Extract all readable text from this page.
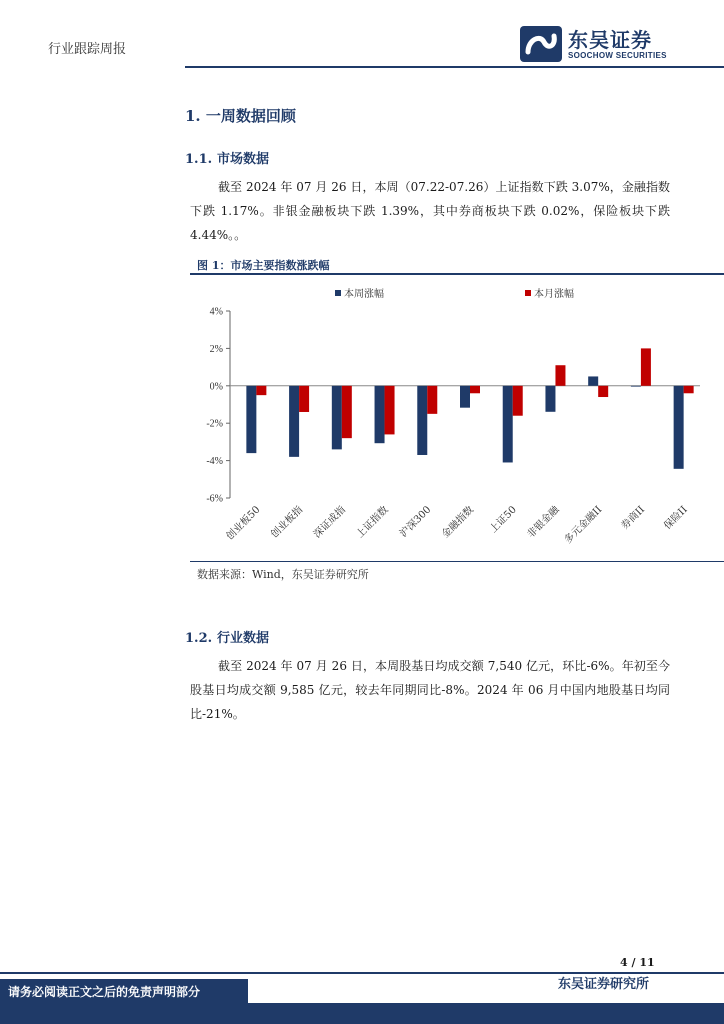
行业跟踪周报	东吴证券
SOOCHOW SECURITIES
1. 一周数据回顾
1.1. 市场数据
截至 2024 年 07 月 26 日，本周（07.22-07.26）上证指数下跌 3.07%，金融指数下跌 1.17%。非银金融板块下跌 1.39%，其中券商板块下跌 0.02%，保险板块下跌 4.44%。。
图 1：市场主要指数涨跌幅
4%
2%
0%
-2%
-4%
-6%
本周涨幅	本月涨幅
创业板50 创业板指 深证成指 上证指数 沪深300 金融指数 上证50 非银金融 多元金融II 券商II 保险II
数据来源：Wind，东吴证券研究所
1.2. 行业数据
截至 2024 年 07 月 26 日，本周股基日均成交额 7,540 亿元，环比-6%。年初至今股基日均成交额 9,585 亿元，较去年同期同比-8%。2024 年 06 月中国内地股基日均同比-21%。
4 / 11
请务必阅读正文之后的免责声明部分	东吴证券研究所
